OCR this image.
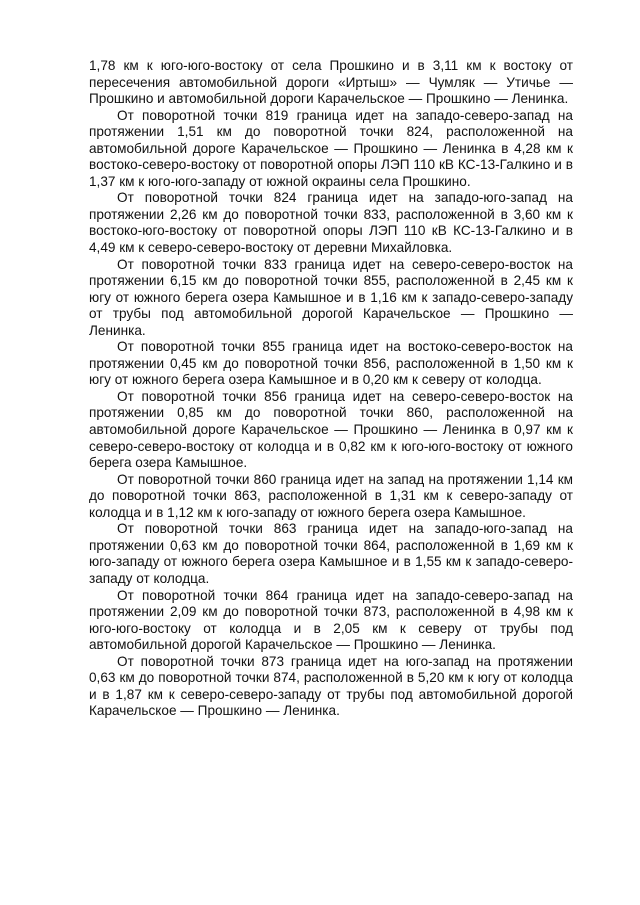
1,78 км к юго-юго-востоку от села Прошкино и в 3,11 км к востоку от пересечения автомобильной дороги «Иртыш» — Чумляк — Утичье — Прошкино и автомобильной дороги Карачельское — Прошкино — Ленинка.

От поворотной точки 819 граница идет на западо-северо-запад на протяжении 1,51 км до поворотной точки 824, расположенной на автомобильной дороге Карачельское — Прошкино — Ленинка в 4,28 км к востоко-северо-востоку от поворотной опоры ЛЭП 110 кВ КС-13-Галкино и в 1,37 км к юго-юго-западу от южной окраины села Прошкино.

От поворотной точки 824 граница идет на западо-юго-запад на протяжении 2,26 км до поворотной точки 833, расположенной в 3,60 км к востоко-юго-востоку от поворотной опоры ЛЭП 110 кВ КС-13-Галкино и в 4,49 км к северо-северо-востоку от деревни Михайловка.

От поворотной точки 833 граница идет на северо-северо-восток на протяжении 6,15 км до поворотной точки 855, расположенной в 2,45 км к югу от южного берега озера Камышное и в 1,16 км к западо-северо-западу от трубы под автомобильной дорогой Карачельское — Прошкино — Ленинка.

От поворотной точки 855 граница идет на востоко-северо-восток на протяжении 0,45 км до поворотной точки 856, расположенной в 1,50 км к югу от южного берега озера Камышное и в 0,20 км к северу от колодца.

От поворотной точки 856 граница идет на северо-северо-восток на протяжении 0,85 км до поворотной точки 860, расположенной на автомобильной дороге Карачельское — Прошкино — Ленинка в 0,97 км к северо-северо-востоку от колодца и в 0,82 км к юго-юго-востоку от южного берега озера Камышное.

От поворотной точки 860 граница идет на запад на протяжении 1,14 км до поворотной точки 863, расположенной в 1,31 км к северо-западу от колодца и в 1,12 км к юго-западу от южного берега озера Камышное.

От поворотной точки 863 граница идет на западо-юго-запад на протяжении 0,63 км до поворотной точки 864, расположенной в 1,69 км к юго-западу от южного берега озера Камышное и в 1,55 км к западо-северо-западу от колодца.

От поворотной точки 864 граница идет на западо-северо-запад на протяжении 2,09 км до поворотной точки 873, расположенной в 4,98 км к юго-юго-востоку от колодца и в 2,05 км к северу от трубы под автомобильной дорогой Карачельское — Прошкино — Ленинка.

От поворотной точки 873 граница идет на юго-запад на протяжении 0,63 км до поворотной точки 874, расположенной в 5,20 км к югу от колодца и в 1,87 км к северо-северо-западу от трубы под автомобильной дорогой Карачельское — Прошкино — Ленинка.
